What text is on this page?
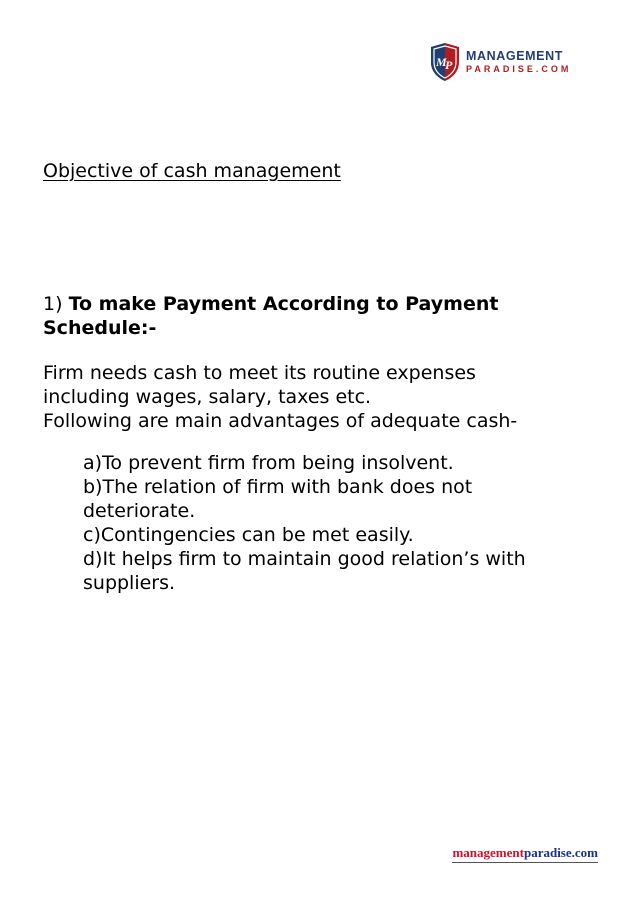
M
P
MANAGEMENT
PARADISE.COM
Objective of cash management

1) To make Payment According to Payment Schedule:-

Firm needs cash to meet its routine expenses
including wages, salary, taxes etc.
Following are main advantages of adequate cash-
a)To prevent firm from being insolvent.
b)The relation of firm with bank does not
deteriorate.
c)Contingencies can be met easily.
d)It helps firm to maintain good relation’s with
suppliers.
managementparadise.com
